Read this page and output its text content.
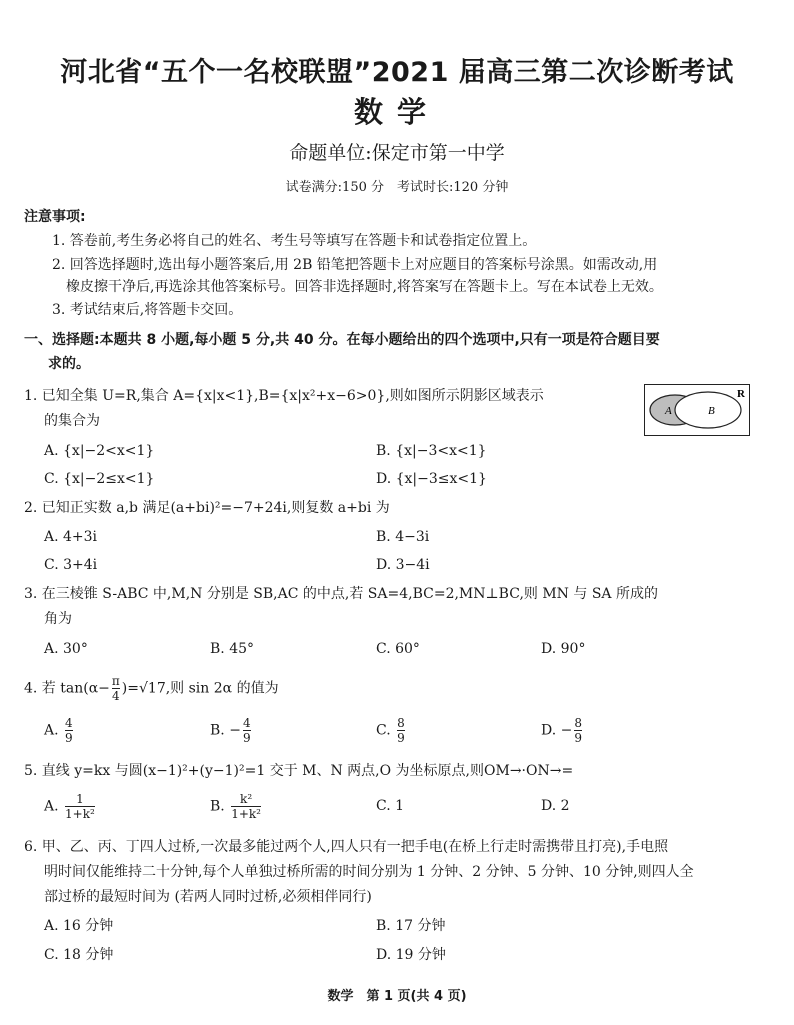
河北省“五个一名校联盟”2021 届高三第二次诊断考试
数学
命题单位:保定市第一中学
试卷满分:150 分　考试时长:120 分钟
注意事项:
1. 答卷前,考生务必将自己的姓名、考生号等填写在答题卡和试卷指定位置上。
2. 回答选择题时,选出每小题答案后,用 2B 铅笔把答题卡上对应题目的答案标号涂黑。如需改动,用
橡皮擦干净后,再选涂其他答案标号。回答非选择题时,将答案写在答题卡上。写在本试卷上无效。
3. 考试结束后,将答题卡交回。
一、选择题:本题共 8 小题,每小题 5 分,共 40 分。在每小题给出的四个选项中,只有一项是符合题目要
求的。
1. 已知全集 U=R,集合 A={x|x<1},B={x|x²+x−6>0},则如图所示阴影区域表示
的集合为
A	B
R
A. {x|−2<x<1}	B. {x|−3<x<1}
C. {x|−2≤x<1}	D. {x|−3≤x<1}
2. 已知正实数 a,b 满足(a+bi)²=−7+24i,则复数 a+bi 为
A. 4+3i	B. 4−3i
C. 3+4i	D. 3−4i
3. 在三棱锥 S-ABC 中,M,N 分别是 SB,AC 的中点,若 SA=4,BC=2,MN⊥BC,则 MN 与 SA 所成的
角为
A. 30°	B. 45°	C. 60°	D. 90°
4. 若 $\tan(\alpha- \frac{\pi}{4} )=√17$,则 sin 2α 的值为
A. $\frac{4}{9}$	B. − $\frac{4}{9}$	C. $\frac{8}{9}$	D. − $\frac{8}{9}$
5. 直线 y=kx 与圆(x−1)²+(y−1)²=1 交于 M、N 两点,O 为坐标原点,则OM→·ON→=
A. $\frac{1}{\text{1+k²}}$	B. $\frac{\text{k²}}{\text{1+k²}}$	C. 1	D. 2
6. 甲、乙、丙、丁四人过桥,一次最多能过两个人,四人只有一把手电(在桥上行走时需携带且打亮),手电照
明时间仅能维持二十分钟,每个人单独过桥所需的时间分别为 1 分钟、2 分钟、5 分钟、10 分钟,则四人全
部过桥的最短时间为 (若两人同时过桥,必须相伴同行)
A. 16 分钟	B. 17 分钟
C. 18 分钟	D. 19 分钟
数学　第 1 页(共 4 页)
